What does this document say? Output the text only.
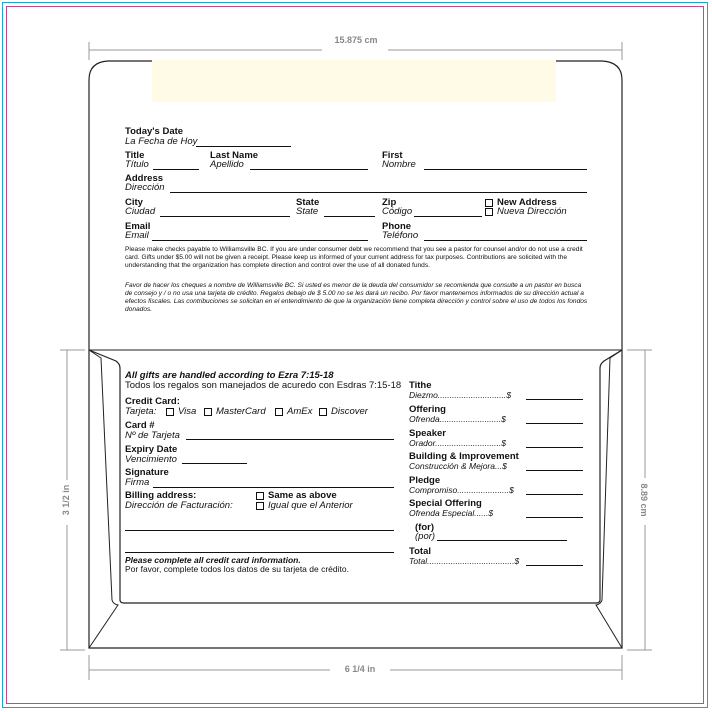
15.875 cm
6 1/4 in
3 1/2 in	8.89 cm
Today's Date
La Fecha de Hoy
Title
Título
Last Name
Apellido
First
Nombre
Address
Dirección
City
Ciudad
State
State
Zip
Código
New Address
Nueva Dirección
Email
Email
Phone
Teléfono
Please make checks payable to Williamsville BC. If you are under consumer debt we recommend that you see a pastor for counsel and/or do not use a credit card. Gifts under $5.00 will not be given a receipt. Please keep us informed of your current address for tax purposes. Contributions are solicited with the understanding that the organization has complete direction and control over the use of all donated funds.
Favor de hacer los cheques a nombre de Williamsville BC. Si usted es menor de la deuda del consumidor se recomienda que consulte a un pastor en busca de consejo y / o no usa una tarjeta de crédito. Regalos debajo de $ 5.00 no se les dará un recibo. Por favor mantenernos informados de su dirección actual a efectos fiscales. Las contribuciones se solicitan en el entendimiento de que la organización tiene completa dirección y control sobre el uso de todos los fondos donados.
All gifts are handled according to Ezra 7:15-18
Todos los regalos son manejados de acuredo con Esdras 7:15-18
Credit Card:
Tarjeta: Visa MasterCard AmEx Discover
Card #
Nº de Tarjeta
Expiry Date
Vencimiento
Signature
Firma
Billing address:
Dirección de Facturación:
Same as above
Igual que el Anterior
Please complete all credit card information.
Por favor, complete todos los datos de su tarjeta de crédito.
Tithe
Diezmo.............................$
Offering
Ofrenda..........................$
Speaker
Orador............................$
Building & Improvement
Construcción & Mejora...$
Pledge
Compromiso......................$
Special Offering
Ofrenda Especial......$
(for)
(por)
Total
Total.....................................$
